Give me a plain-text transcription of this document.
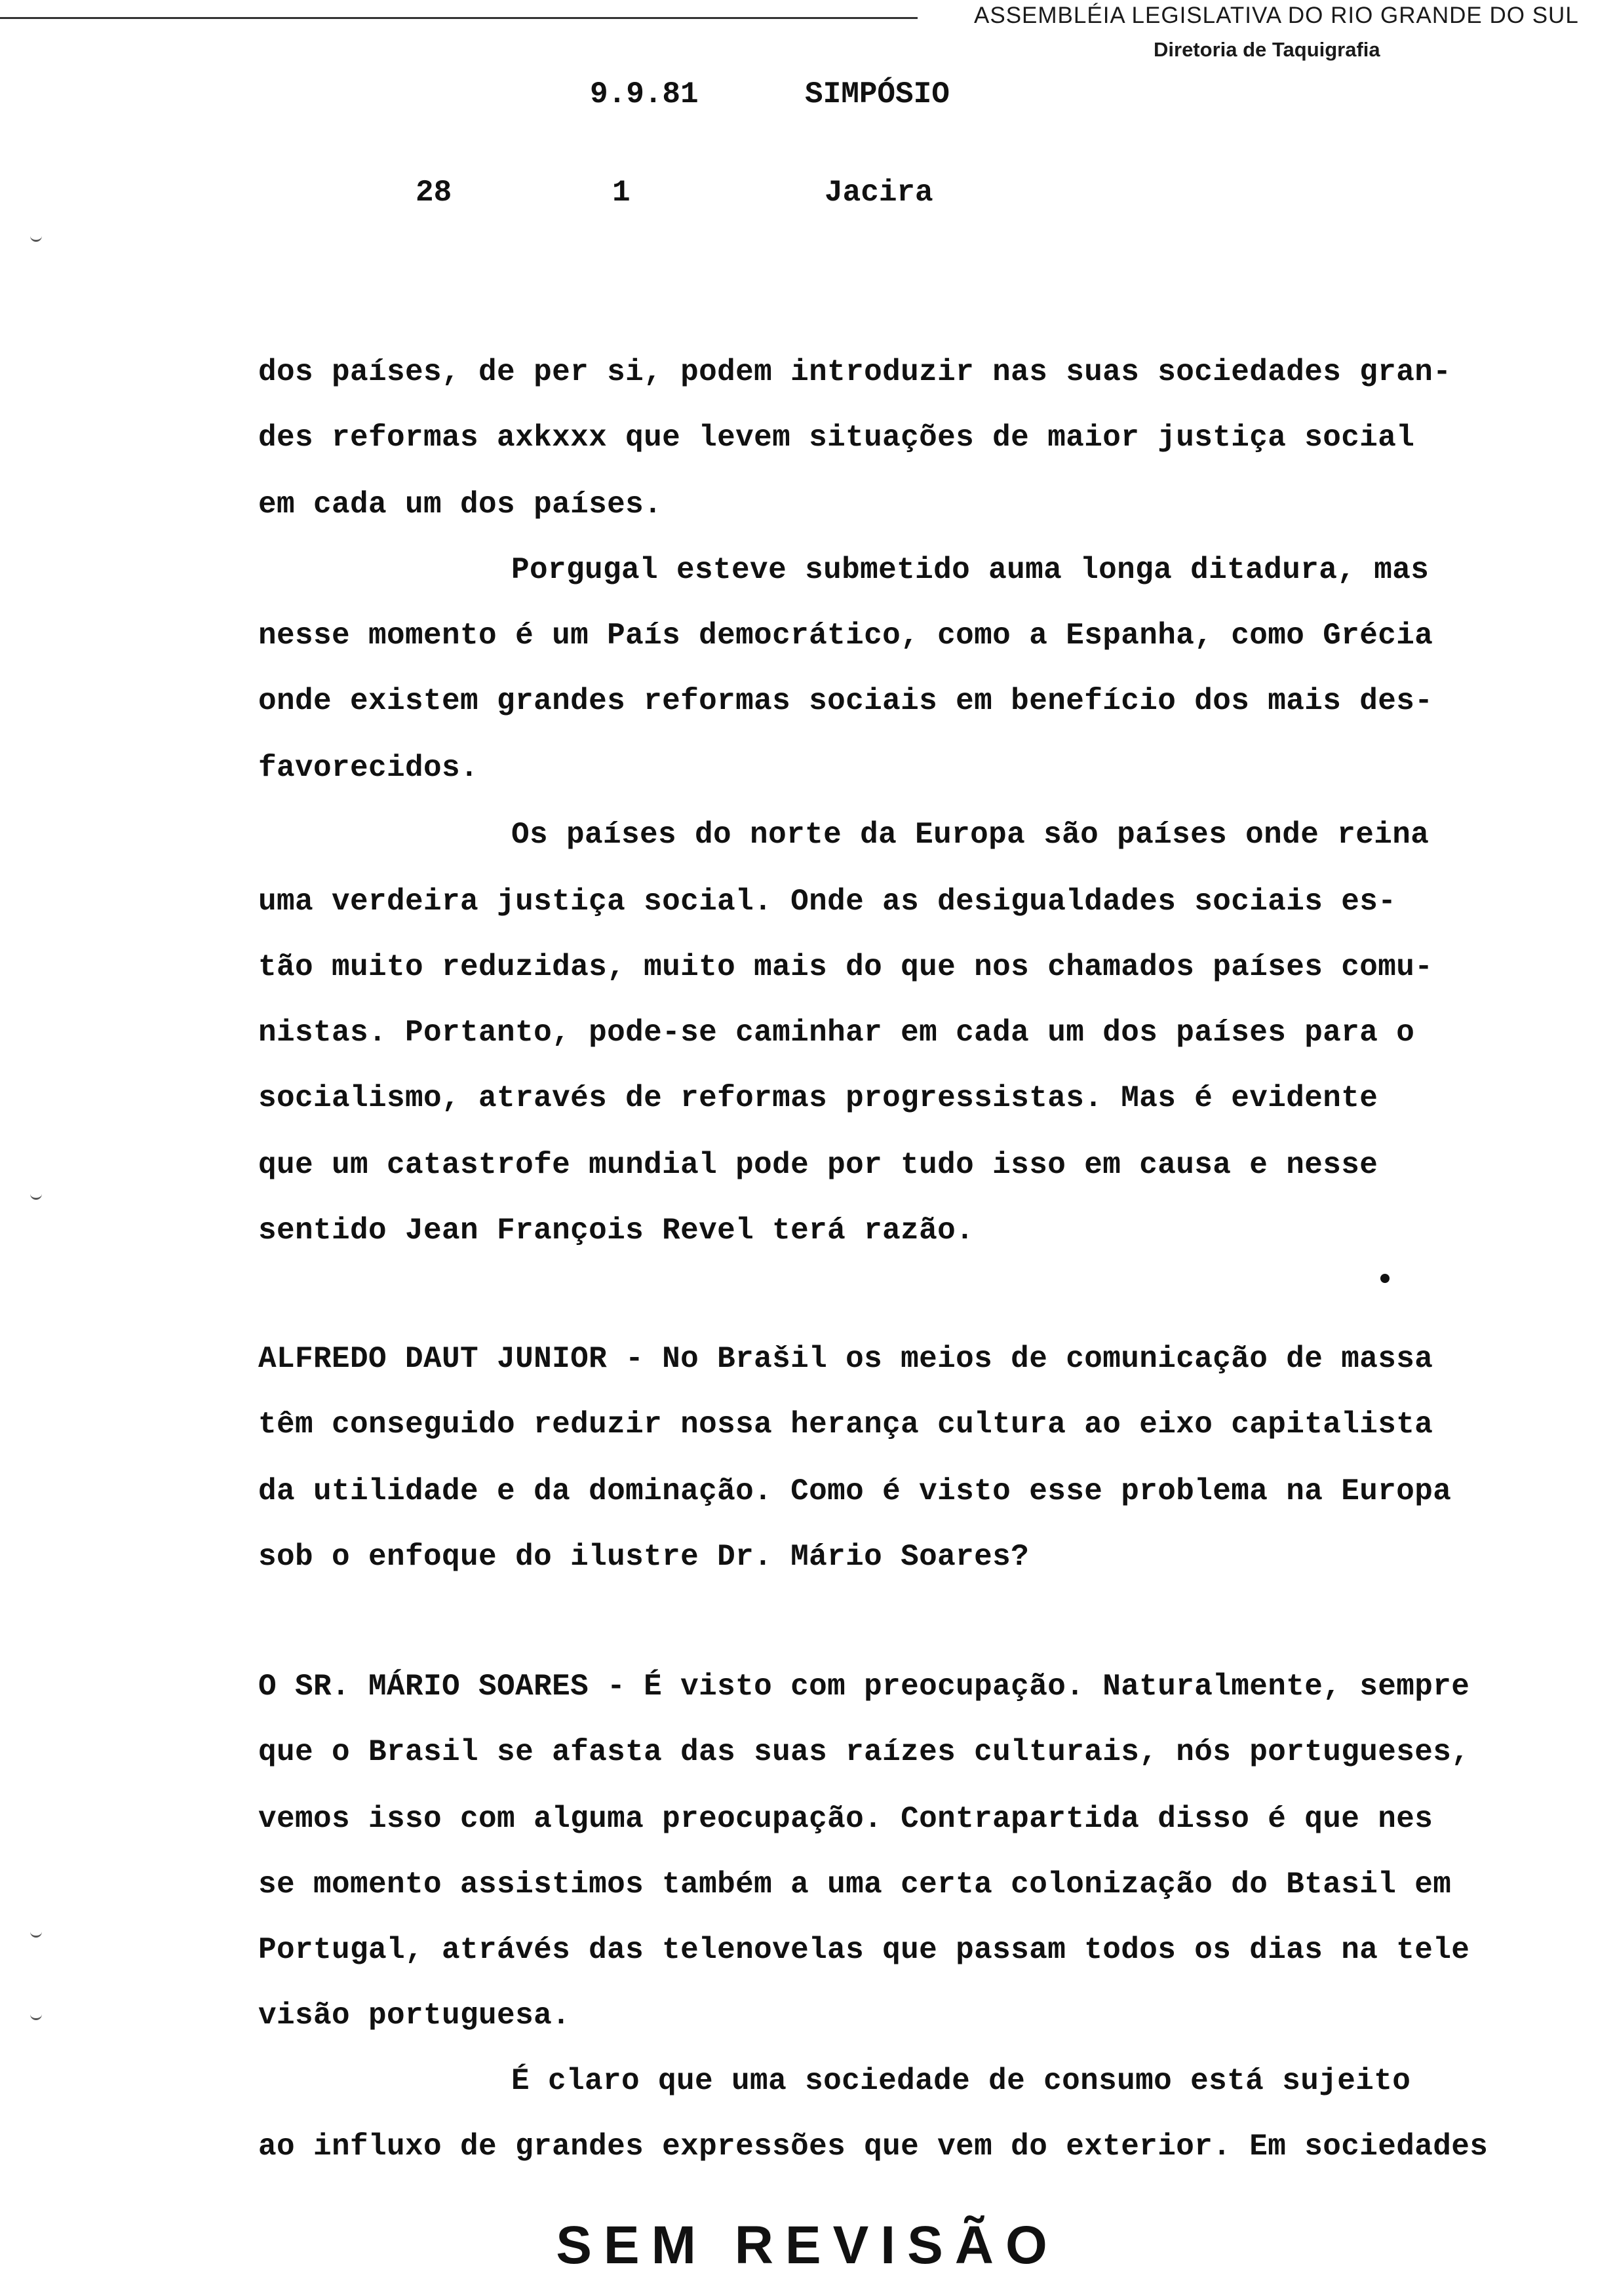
ASSEMBLÉIA LEGISLATIVA DO RIO GRANDE DO SUL
Diretoria de Taquigrafia
9.9.81	SIMPÓSIO
28	1	Jacira
dos países, de per si, podem introduzir nas suas sociedades gran-
des reformas axkxxx que levem situações de maior justiça social
em cada um dos países.
Porgugal esteve submetido auma longa ditadura, mas
nesse momento é um País democrático, como a Espanha, como Grécia
onde existem grandes reformas sociais em benefício dos mais des-
favorecidos.
Os países do norte da Europa são países onde reina
uma verdeira justiça social. Onde as desigualdades sociais es-
tão muito reduzidas, muito mais do que nos chamados países comu-
nistas. Portanto, pode-se caminhar em cada um dos países para o
socialismo, através de reformas progressistas. Mas é evidente
que um catastrofe mundial pode por tudo isso em causa e nesse
sentido Jean François Revel terá razão.
ALFREDO DAUT JUNIOR - No Brašil os meios de comunicação de massa
têm conseguido reduzir nossa herança cultura ao eixo capitalista
da utilidade e da dominação. Como é visto esse problema na Europa
sob o enfoque do ilustre Dr. Mário Soares?
O SR. MÁRIO SOARES - É visto com preocupação. Naturalmente, sempre
que o Brasil se afasta das suas raízes culturais, nós portugueses,
vemos isso com alguma preocupação. Contrapartida disso é que nes
se momento assistimos também a uma certa colonização do Btasil em
Portugal, atrávés das telenovelas que passam todos os dias na tele
visão portuguesa.
É claro que uma sociedade de consumo está sujeito
ao influxo de grandes expressões que vem do exterior. Em sociedades
SEM REVISÃO
